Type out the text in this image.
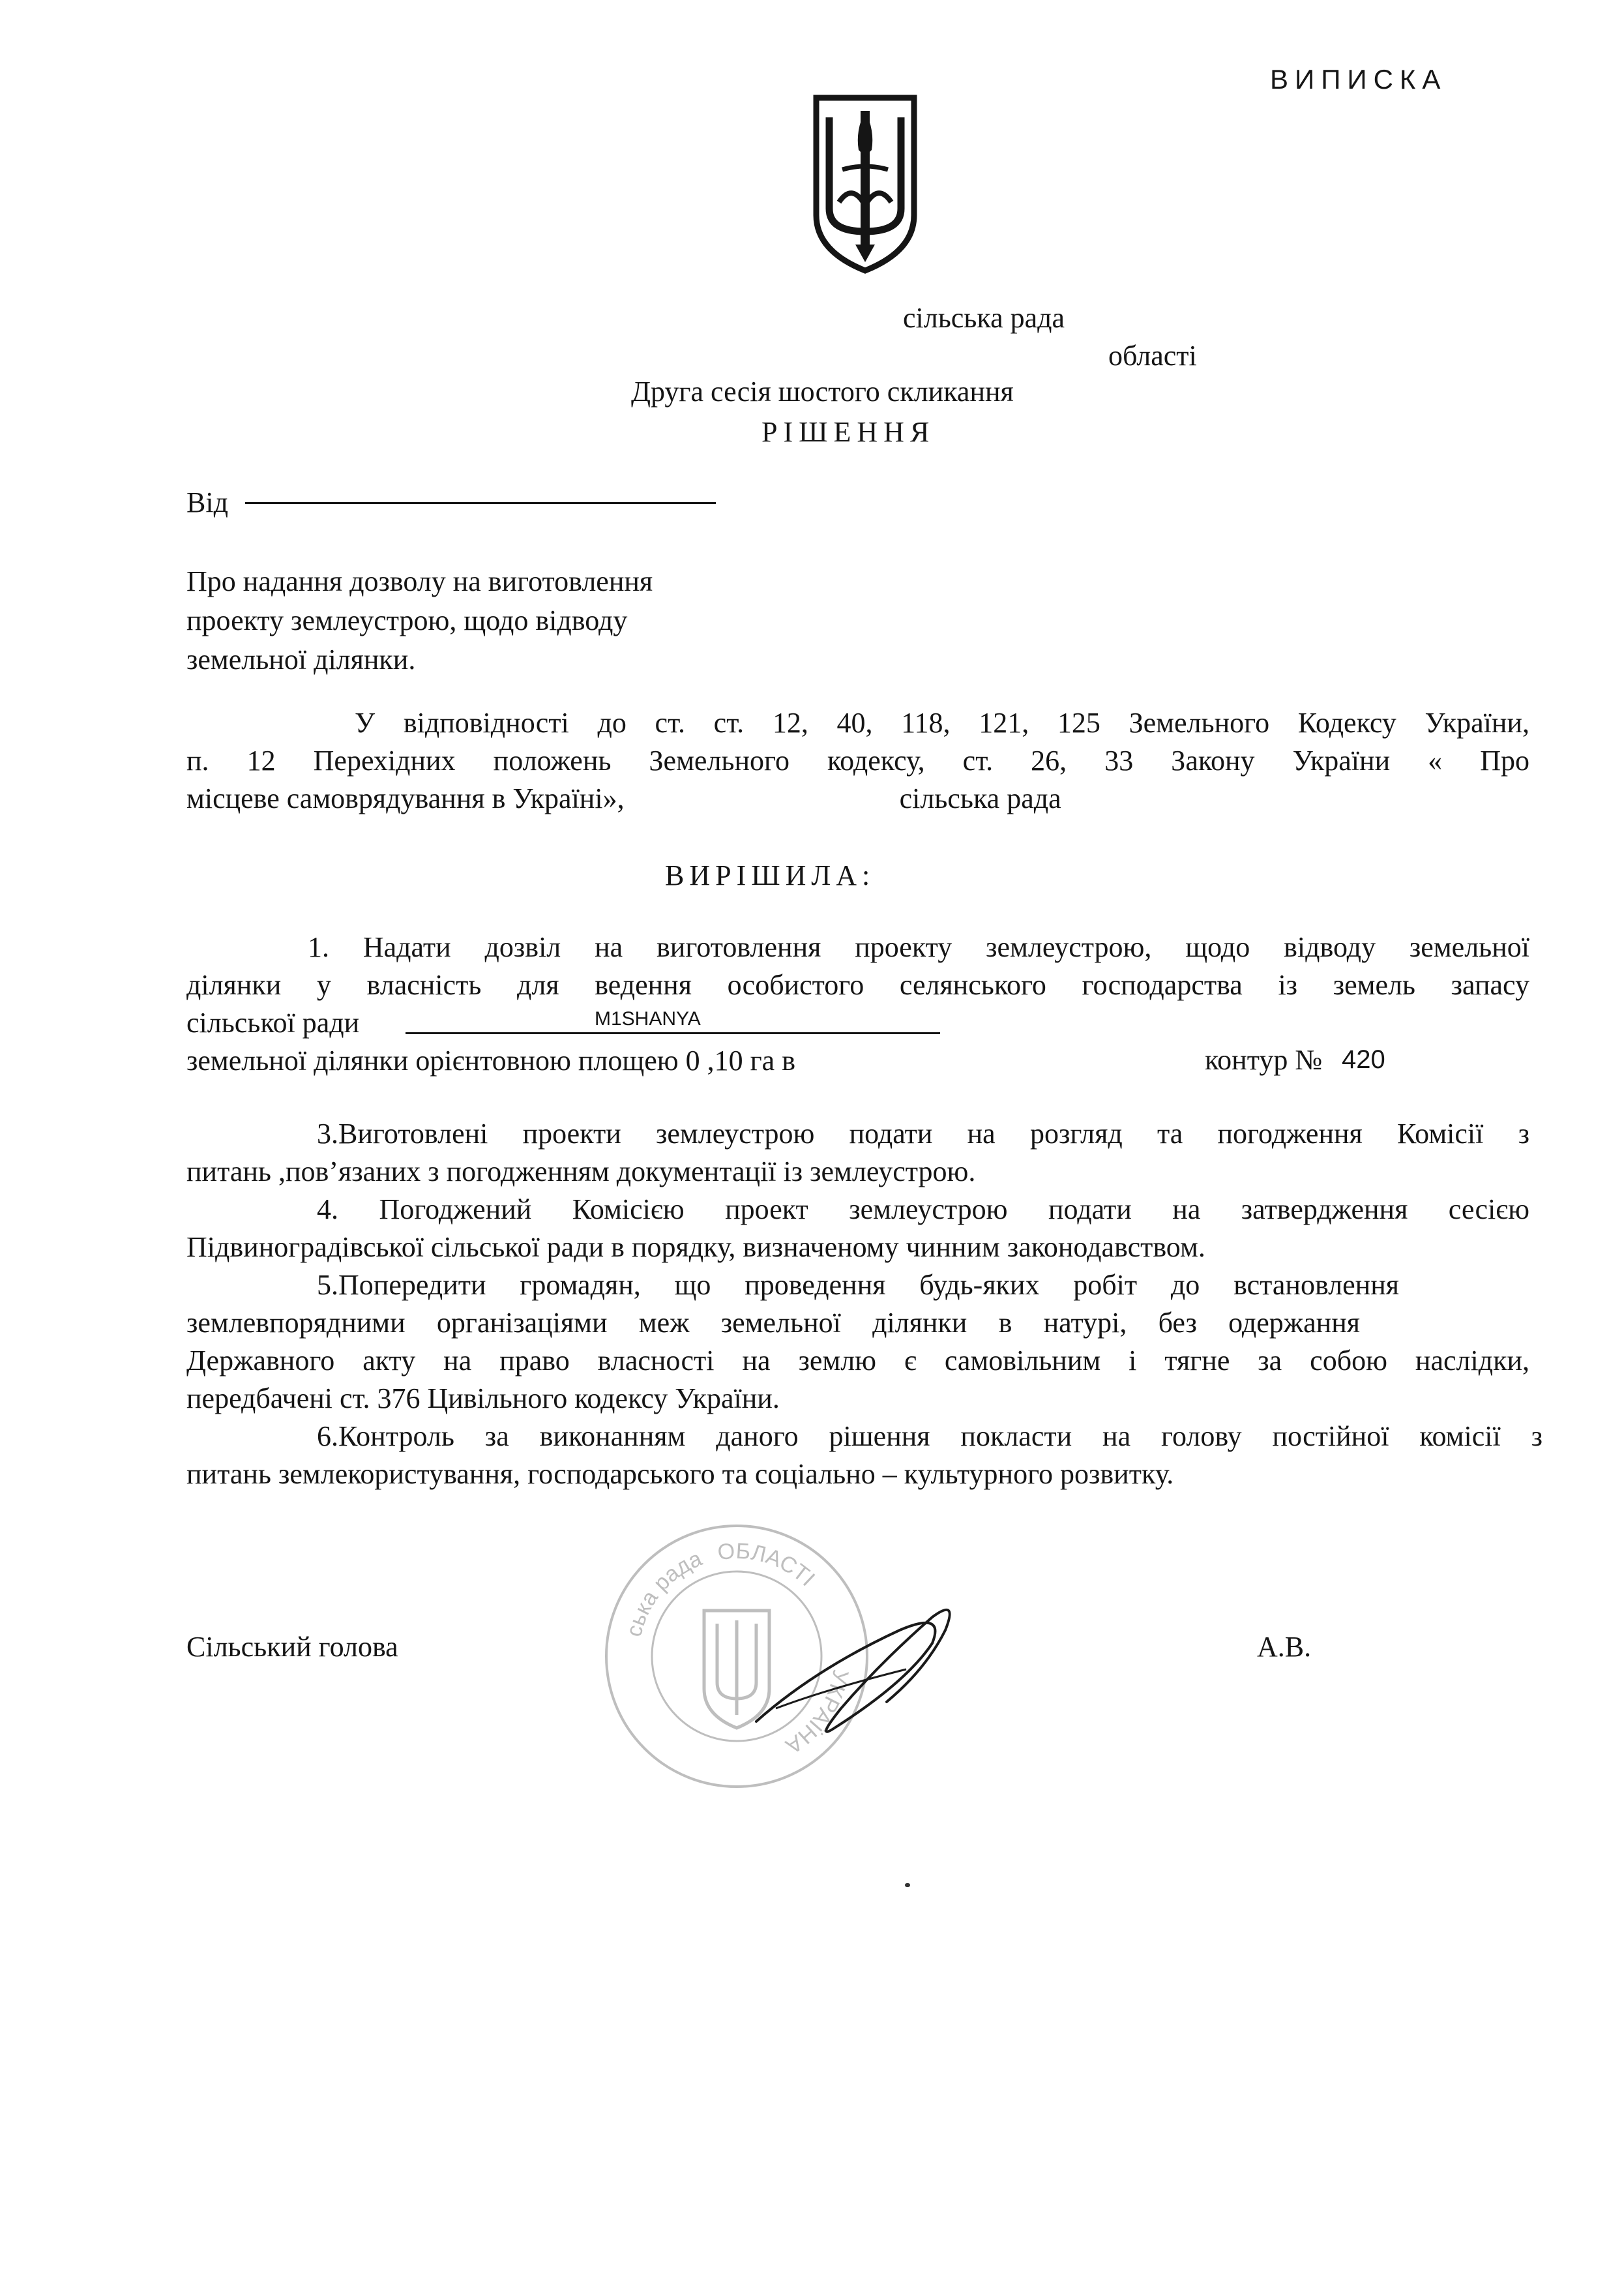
ВИПИСКА
сільська рада
області
Друга сесія шостого скликання
РІШЕННЯ
Від
Про надання дозволу на виготовлення
проекту землеустрою, щодо відводу
земельної ділянки.
У відповідності до ст. ст. 12, 40, 118, 121, 125 Земельного Кодексу України,
п. 12 Перехідних положень Земельного кодексу, ст. 26, 33 Закону України « Про
місцеве самоврядування в Україні»,	сільська рада
ВИРІШИЛА:
1. Надати дозвіл на виготовлення проекту землеустрою, щодо відводу земельної
ділянки у власність для ведення особистого селянського господарства із земель запасу
сільської ради
земельної ділянки орієнтовною площею 0 ,10 га в
M1SHANYA
контур № 420
3.Виготовлені проекти землеустрою подати на розгляд та погодження Комісії з
питань ,пов’язаних з погодженням документації із землеустрою.
4. Погоджений Комісією проект землеустрою подати на затвердження сесією
Підвиноградівської сільської ради в порядку, визначеному чинним законодавством.
5.Попередити громадян, що проведення будь-яких робіт до встановлення
землевпорядними організаціями меж земельної ділянки в натурі, без одержання
Державного акту на право власності на землю є самовільним і тягне за собою наслідки,
передбачені ст. 376 Цивільного кодексу України.
6.Контроль за виконанням даного рішення покласти на голову постійної комісії з
питань землекористування, господарського та соціально – культурного розвитку.
ська рада ОБЛАСТІ
УКРАЇНА
Сільський голова	А.В.
